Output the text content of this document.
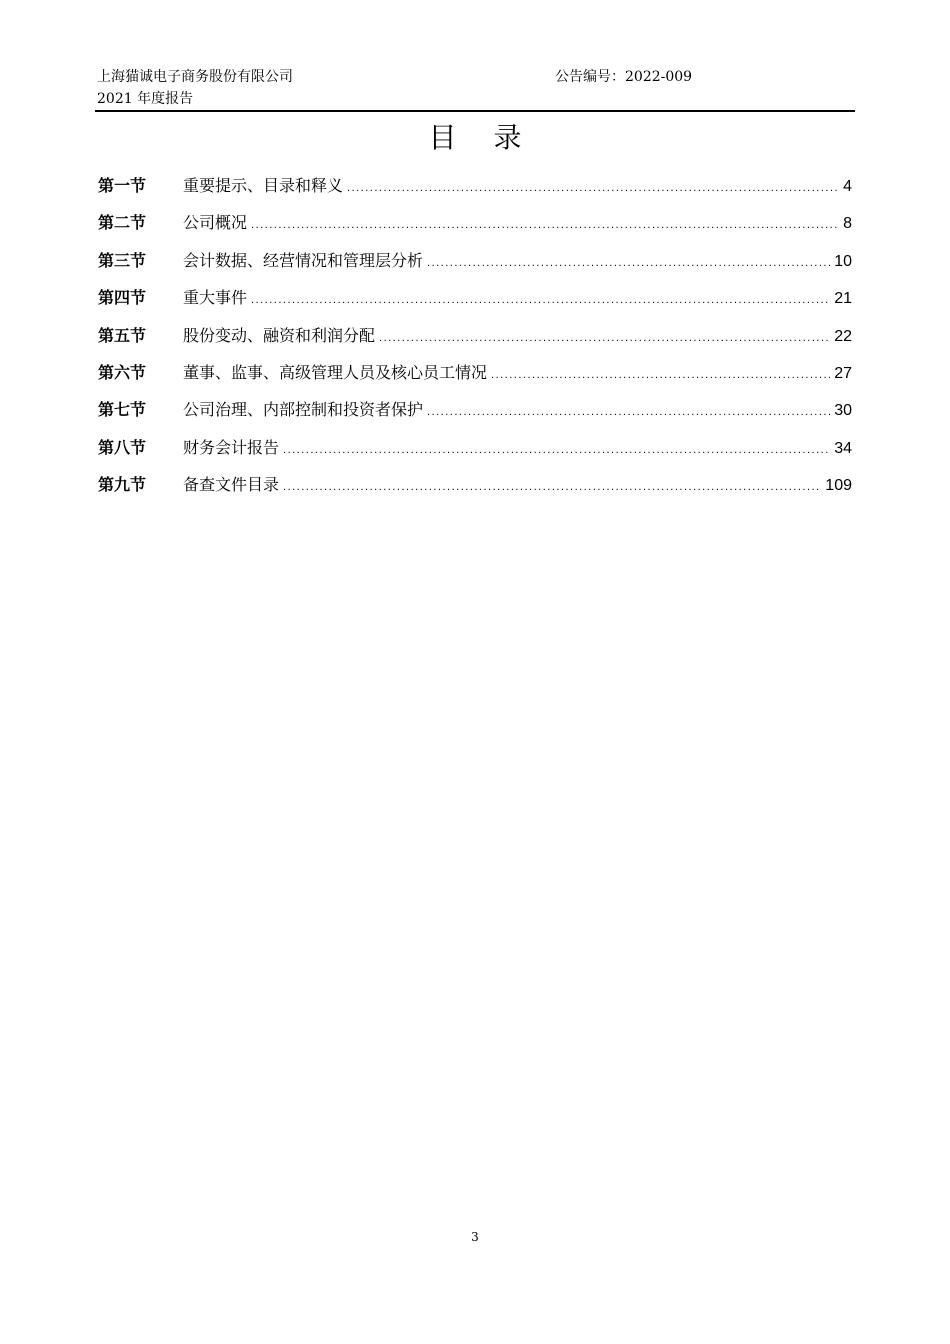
上海猫诚电子商务股份有限公司	公告编号：2022-009
2021 年度报告
目 录
第一节	重要提示、目录和释义 .....	4
第二节	公司概况 .....	8
第三节	会计数据、经营情况和管理层分析 .....	10
第四节	重大事件 .....	21
第五节	股份变动、融资和利润分配 .....	22
第六节	董事、监事、高级管理人员及核心员工情况 .....	27
第七节	公司治理、内部控制和投资者保护 .....	30
第八节	财务会计报告 .....	34
第九节	备查文件目录 .....	109
3
